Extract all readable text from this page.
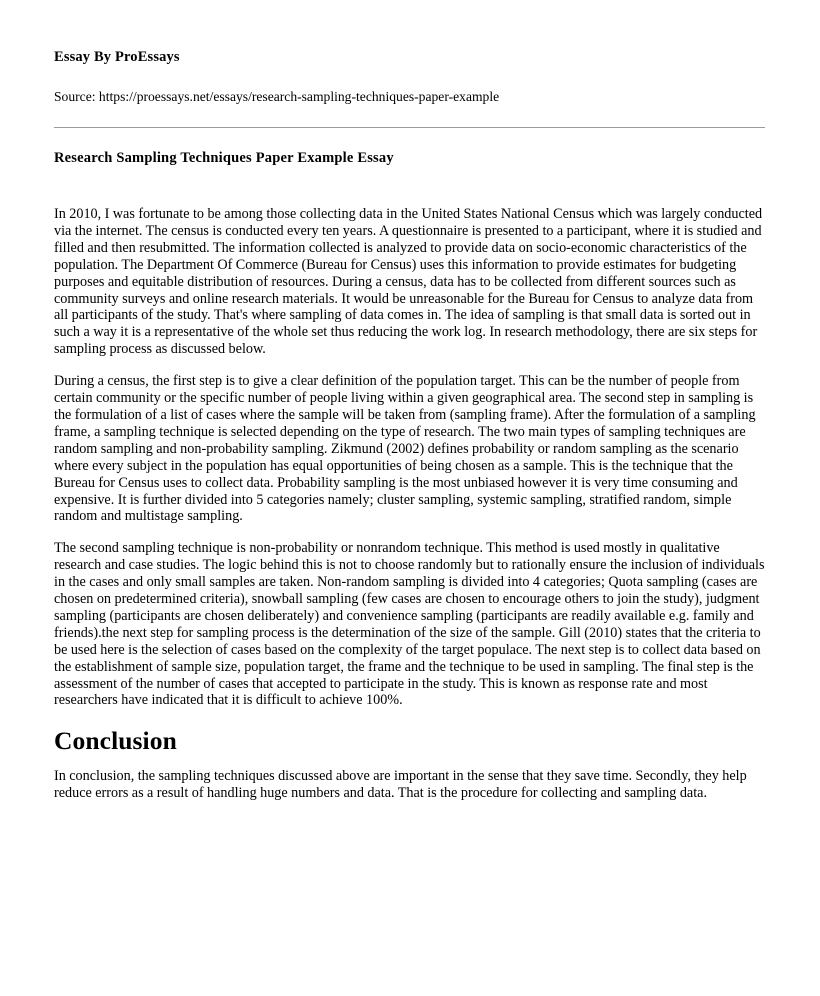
Essay By ProEssays
Source: https://proessays.net/essays/research-sampling-techniques-paper-example
Research Sampling Techniques Paper Example Essay

In 2010, I was fortunate to be among those collecting data in the United States National Census which was largely conducted via the internet. The census is conducted every ten years. A questionnaire is presented to a participant, where it is studied and filled and then resubmitted. The information collected is analyzed to provide data on socio-economic characteristics of the population. The Department Of Commerce (Bureau for Census) uses this information to provide estimates for budgeting purposes and equitable distribution of resources. During a census, data has to be collected from different sources such as community surveys and online research materials. It would be unreasonable for the Bureau for Census to analyze data from all participants of the study. That's where sampling of data comes in. The idea of sampling is that small data is sorted out in such a way it is a representative of the whole set thus reducing the work log. In research methodology, there are six steps for sampling process as discussed below.

During a census, the first step is to give a clear definition of the population target. This can be the number of people from certain community or the specific number of people living within a given geographical area. The second step in sampling is the formulation of a list of cases where the sample will be taken from (sampling frame). After the formulation of a sampling frame, a sampling technique is selected depending on the type of research. The two main types of sampling techniques are random sampling and non-probability sampling. Zikmund (2002) defines probability or random sampling as the scenario where every subject in the population has equal opportunities of being chosen as a sample. This is the technique that the Bureau for Census uses to collect data. Probability sampling is the most unbiased however it is very time consuming and expensive. It is further divided into 5 categories namely; cluster sampling, systemic sampling, stratified random, simple random and multistage sampling.

The second sampling technique is non-probability or nonrandom technique. This method is used mostly in qualitative research and case studies. The logic behind this is not to choose randomly but to rationally ensure the inclusion of individuals in the cases and only small samples are taken. Non-random sampling is divided into 4 categories; Quota sampling (cases are chosen on predetermined criteria), snowball sampling (few cases are chosen to encourage others to join the study), judgment sampling (participants are chosen deliberately) and convenience sampling (participants are readily available e.g. family and friends).the next step for sampling process is the determination of the size of the sample. Gill (2010) states that the criteria to be used here is the selection of cases based on the complexity of the target populace. The next step is to collect data based on the establishment of sample size, population target, the frame and the technique to be used in sampling. The final step is the assessment of the number of cases that accepted to participate in the study. This is known as response rate and most researchers have indicated that it is difficult to achieve 100%.

Conclusion

In conclusion, the sampling techniques discussed above are important in the sense that they save time. Secondly, they help reduce errors as a result of handling huge numbers and data. That is the procedure for collecting and sampling data.
